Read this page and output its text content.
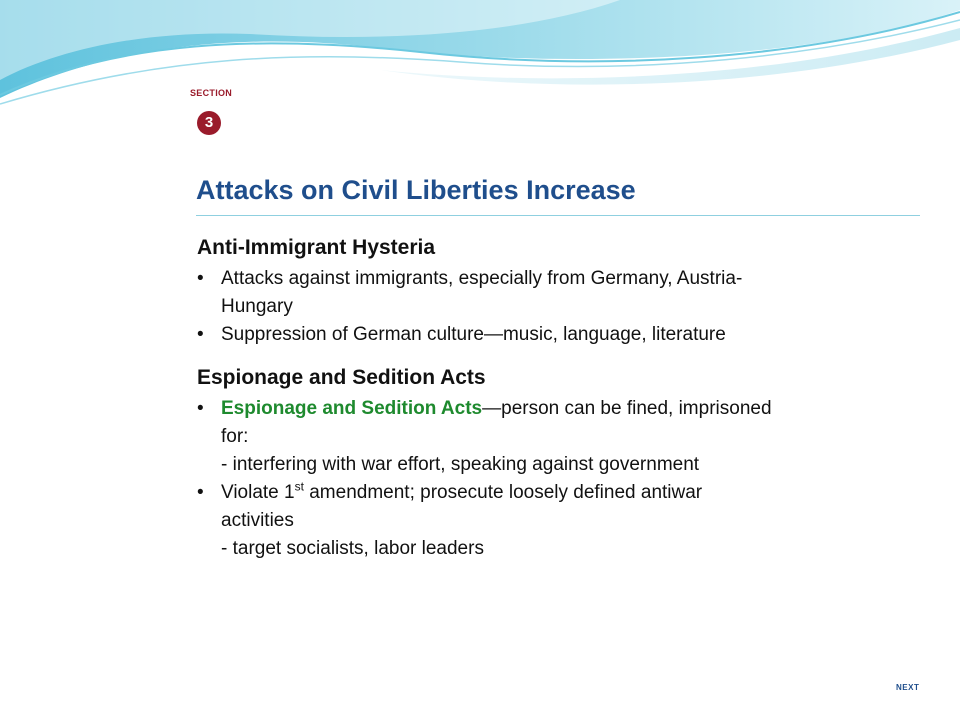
SECTION
3
Attacks on Civil Liberties Increase
Anti-Immigrant Hysteria
• Attacks against immigrants, especially from Germany, Austria-Hungary
• Suppression of German culture—music, language, literature
Espionage and Sedition Acts
• Espionage and Sedition Acts—person can be fined, imprisoned for:
- interfering with war effort, speaking against government
• Violate 1st amendment; prosecute loosely defined antiwar activities
- target socialists, labor leaders
NEXT
